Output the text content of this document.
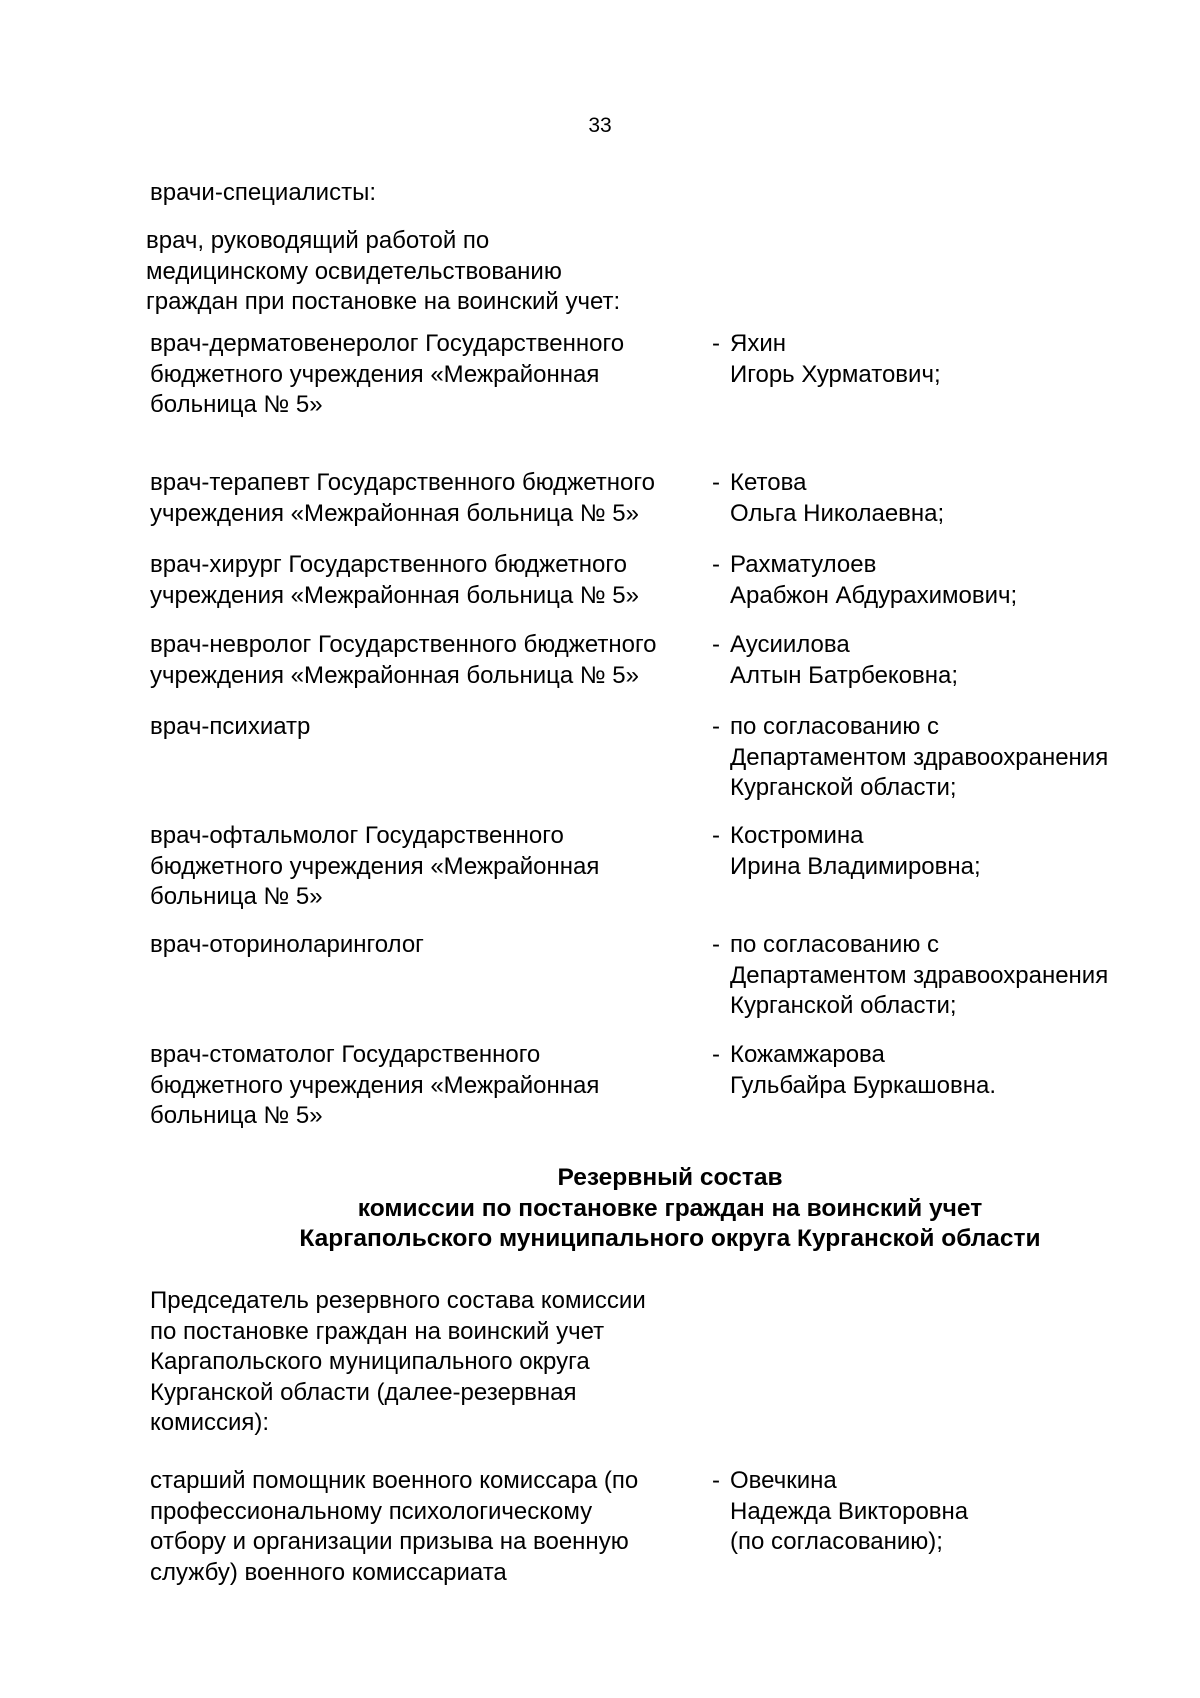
33
врачи-специалисты:
врач, руководящий работой по
медицинскому освидетельствованию
граждан при постановке на воинский учет:
врач-дерматовенеролог Государственного
бюджетного учреждения «Межрайонная
больница № 5»
- Яхин
Игорь Хурматович;
врач-терапевт Государственного бюджетного
учреждения «Межрайонная больница № 5»
- Кетова
Ольга Николаевна;
врач-хирург Государственного бюджетного
учреждения «Межрайонная больница № 5»
- Рахматулоев
Арабжон Абдурахимович;
врач-невролог Государственного бюджетного
учреждения «Межрайонная больница № 5»
- Аусиилова
Алтын Батрбековна;
врач-психиатр	- по согласованию с
Департаментом здравоохранения
Курганской области;
врач-офтальмолог Государственного
бюджетного учреждения «Межрайонная
больница № 5»
- Костромина
Ирина Владимировна;
врач-оториноларинголог	- по согласованию с
Департаментом здравоохранения
Курганской области;
врач-стоматолог Государственного
бюджетного учреждения «Межрайонная
больница № 5»
- Кожамжарова
Гульбайра Буркашовна.
Резервный состав
комиссии по постановке граждан на воинский учет
Каргапольского муниципального округа Курганской области
Председатель резервного состава комиссии
по постановке граждан на воинский учет
Каргапольского муниципального округа
Курганской области (далее-резервная
комиссия):
старший помощник военного комиссара (по
профессиональному психологическому
отбору и организации призыва на военную
службу) военного комиссариата
- Овечкина
Надежда Викторовна
(по согласованию);
